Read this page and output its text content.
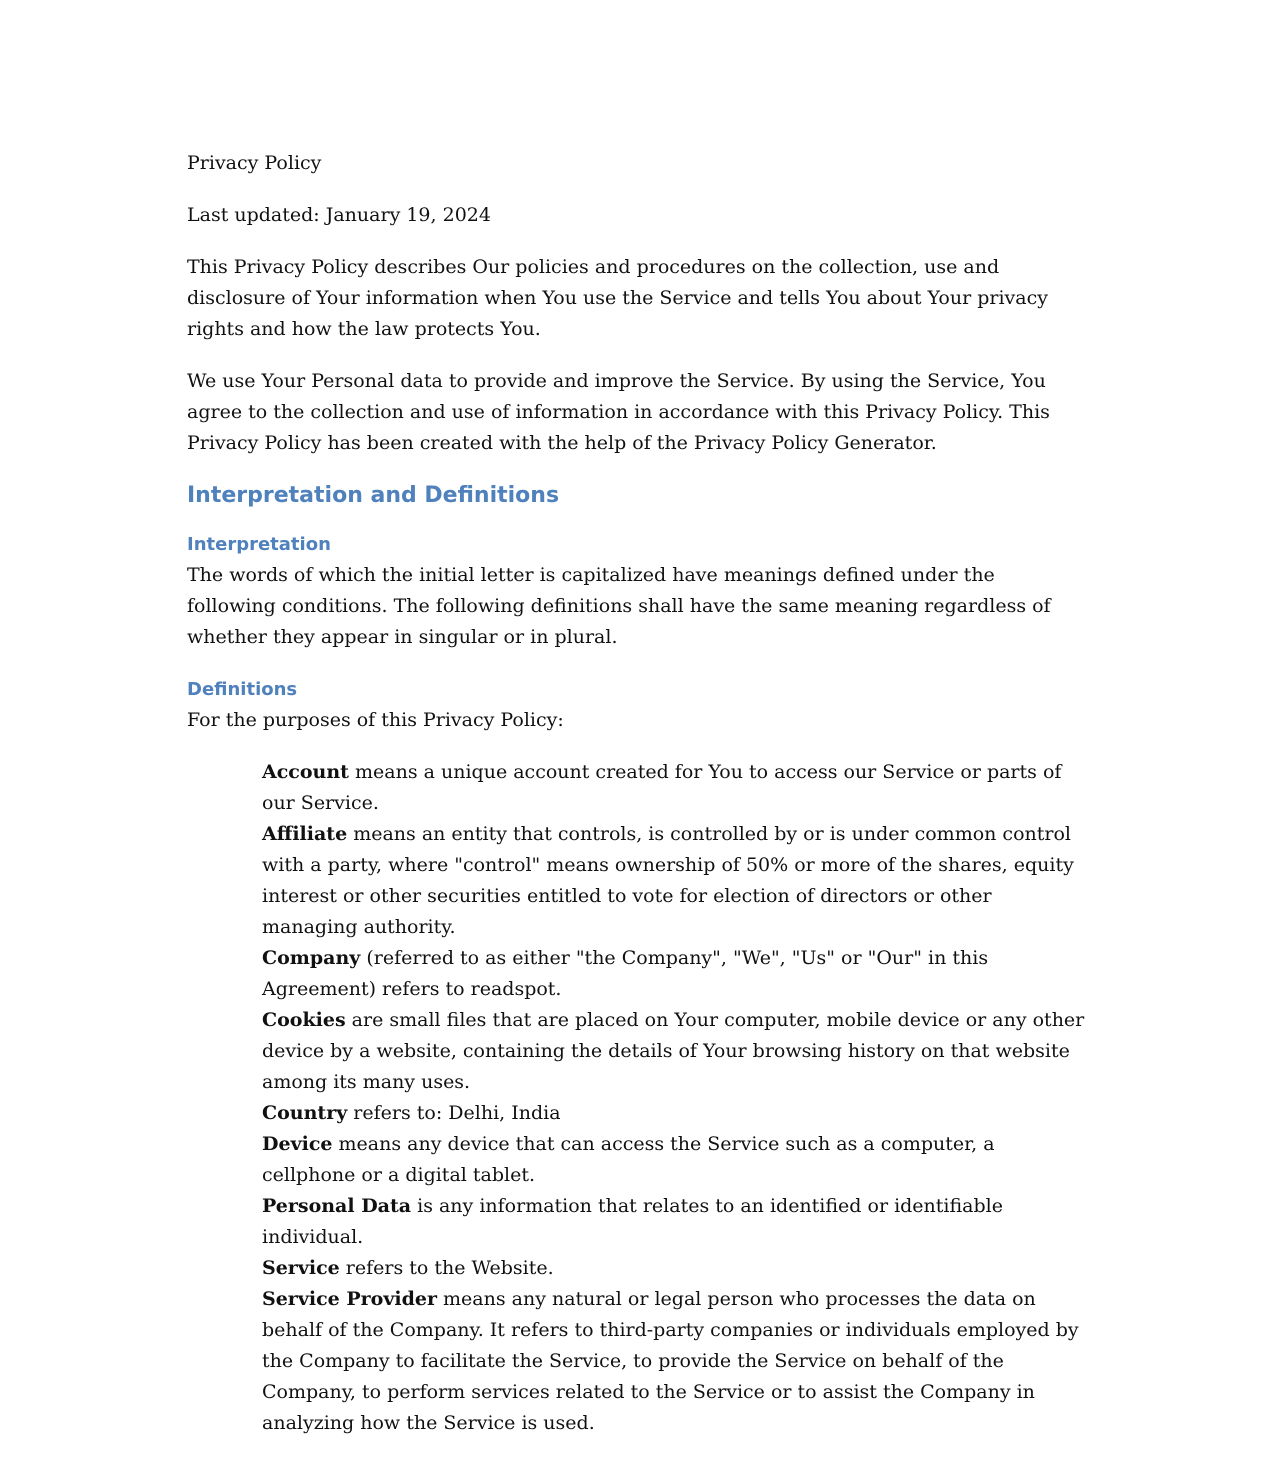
Privacy Policy

Last updated: January 19, 2024

This Privacy Policy describes Our policies and procedures on the collection, use and disclosure of Your information when You use the Service and tells You about Your privacy rights and how the law protects You.

We use Your Personal data to provide and improve the Service. By using the Service, You agree to the collection and use of information in accordance with this Privacy Policy. This Privacy Policy has been created with the help of the Privacy Policy Generator.

Interpretation and Definitions
Interpretation

The words of which the initial letter is capitalized have meanings defined under the following conditions. The following definitions shall have the same meaning regardless of whether they appear in singular or in plural.

Definitions

For the purposes of this Privacy Policy:

Account means a unique account created for You to access our Service or parts of our Service.
Affiliate means an entity that controls, is controlled by or is under common control with a party, where "control" means ownership of 50% or more of the shares, equity interest or other securities entitled to vote for election of directors or other managing authority.
Company (referred to as either "the Company", "We", "Us" or "Our" in this Agreement) refers to readspot.
Cookies are small files that are placed on Your computer, mobile device or any other device by a website, containing the details of Your browsing history on that website among its many uses.
Country refers to: Delhi, India
Device means any device that can access the Service such as a computer, a cellphone or a digital tablet.
Personal Data is any information that relates to an identified or identifiable individual.
Service refers to the Website.
Service Provider means any natural or legal person who processes the data on behalf of the Company. It refers to third-party companies or individuals employed by the Company to facilitate the Service, to provide the Service on behalf of the Company, to perform services related to the Service or to assist the Company in analyzing how the Service is used.
